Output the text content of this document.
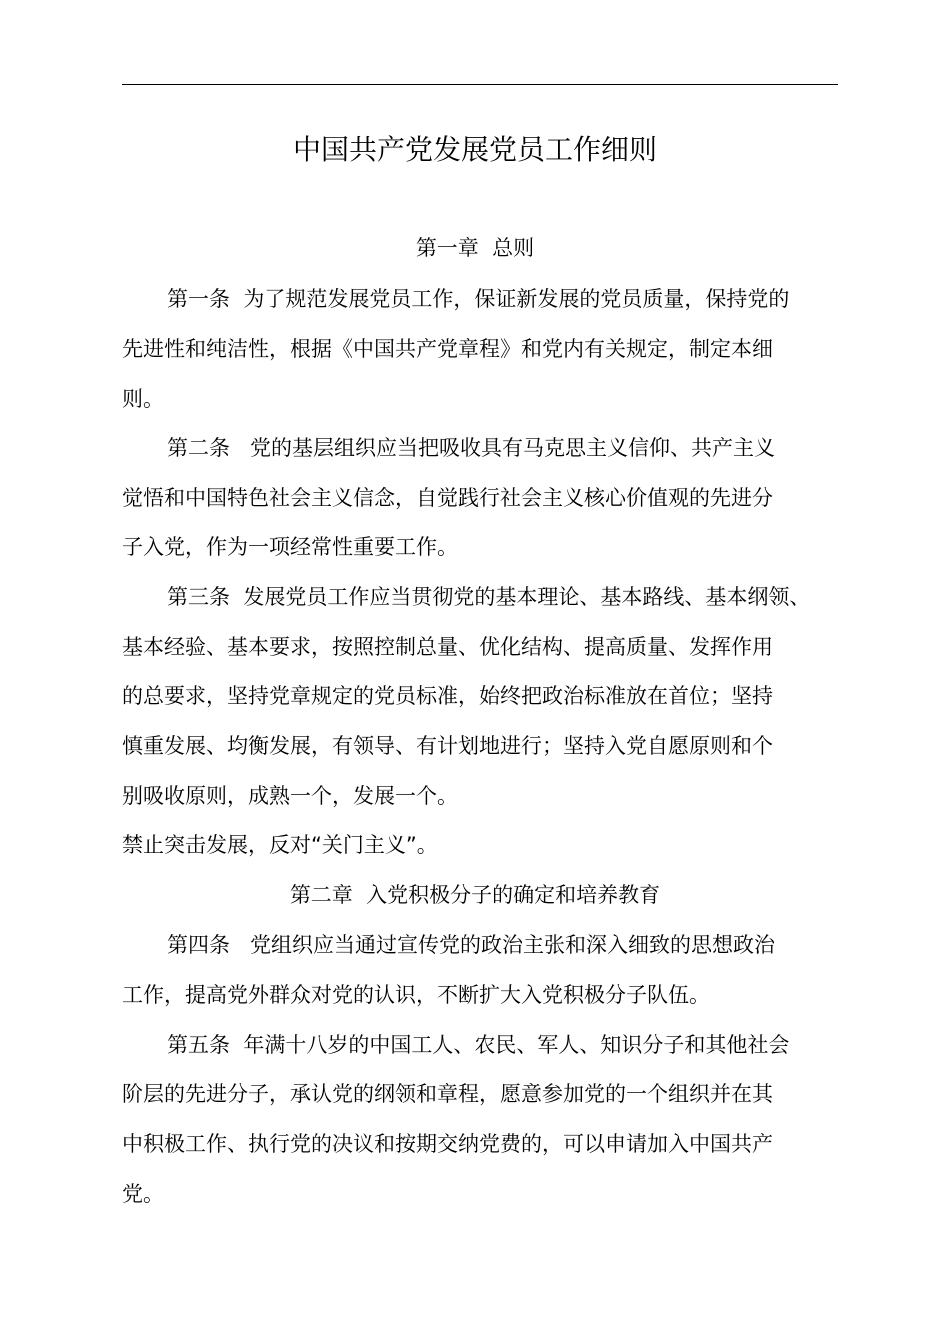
中国共产党发展党员工作细则
第一章  总则
第一条  为了规范发展党员工作，保证新发展的党员质量，保持党的
先进性和纯洁性，根据《中国共产党章程》和党内有关规定，制定本细
则。
第二条   党的基层组织应当把吸收具有马克思主义信仰、共产主义
觉悟和中国特色社会主义信念，自觉践行社会主义核心价值观的先进分
子入党，作为一项经常性重要工作。
第三条  发展党员工作应当贯彻党的基本理论、基本路线、基本纲领、
基本经验、基本要求，按照控制总量、优化结构、提高质量、发挥作用
的总要求，坚持党章规定的党员标准，始终把政治标准放在首位；坚持
慎重发展、均衡发展，有领导、有计划地进行；坚持入党自愿原则和个
别吸收原则，成熟一个，发展一个。
禁止突击发展，反对“关门主义”。
第二章  入党积极分子的确定和培养教育
第四条   党组织应当通过宣传党的政治主张和深入细致的思想政治
工作，提高党外群众对党的认识，不断扩大入党积极分子队伍。
第五条  年满十八岁的中国工人、农民、军人、知识分子和其他社会
阶层的先进分子，承认党的纲领和章程，愿意参加党的一个组织并在其
中积极工作、执行党的决议和按期交纳党费的，可以申请加入中国共产
党。
